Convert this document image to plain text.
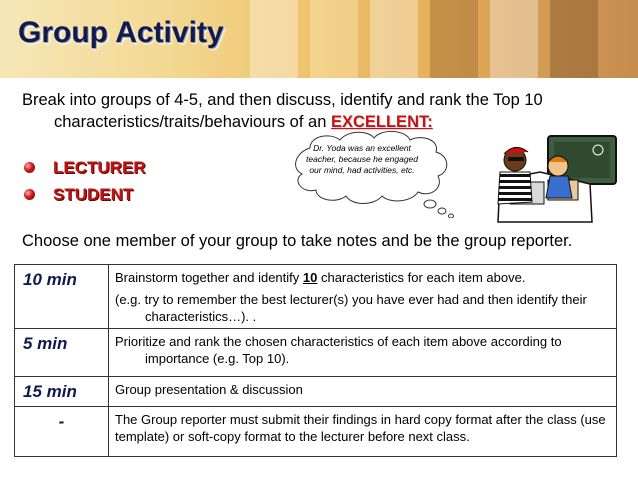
Group Activity
Break into groups of 4-5, and then discuss, identify and rank the Top 10
characteristics/traits/behaviours of an EXCELLENT:
LECTURER
STUDENT
Dr. Yoda was an excellent teacher, because he engaged our mind, had activities, etc.
Choose one member of your group to take notes and be the group reporter.
10 min	Brainstorm together and identify 10 characteristics for each item above.

(e.g. try to remember the best lecturer(s) you have ever had and then identify their characteristics…). .

5 min	Prioritize and rank the chosen characteristics of each item above according to importance (e.g. Top 10).

15 min	Group presentation & discussion

-	The Group reporter must submit their findings in hard copy format after the class (use template) or soft-copy format to the lecturer before next class.
